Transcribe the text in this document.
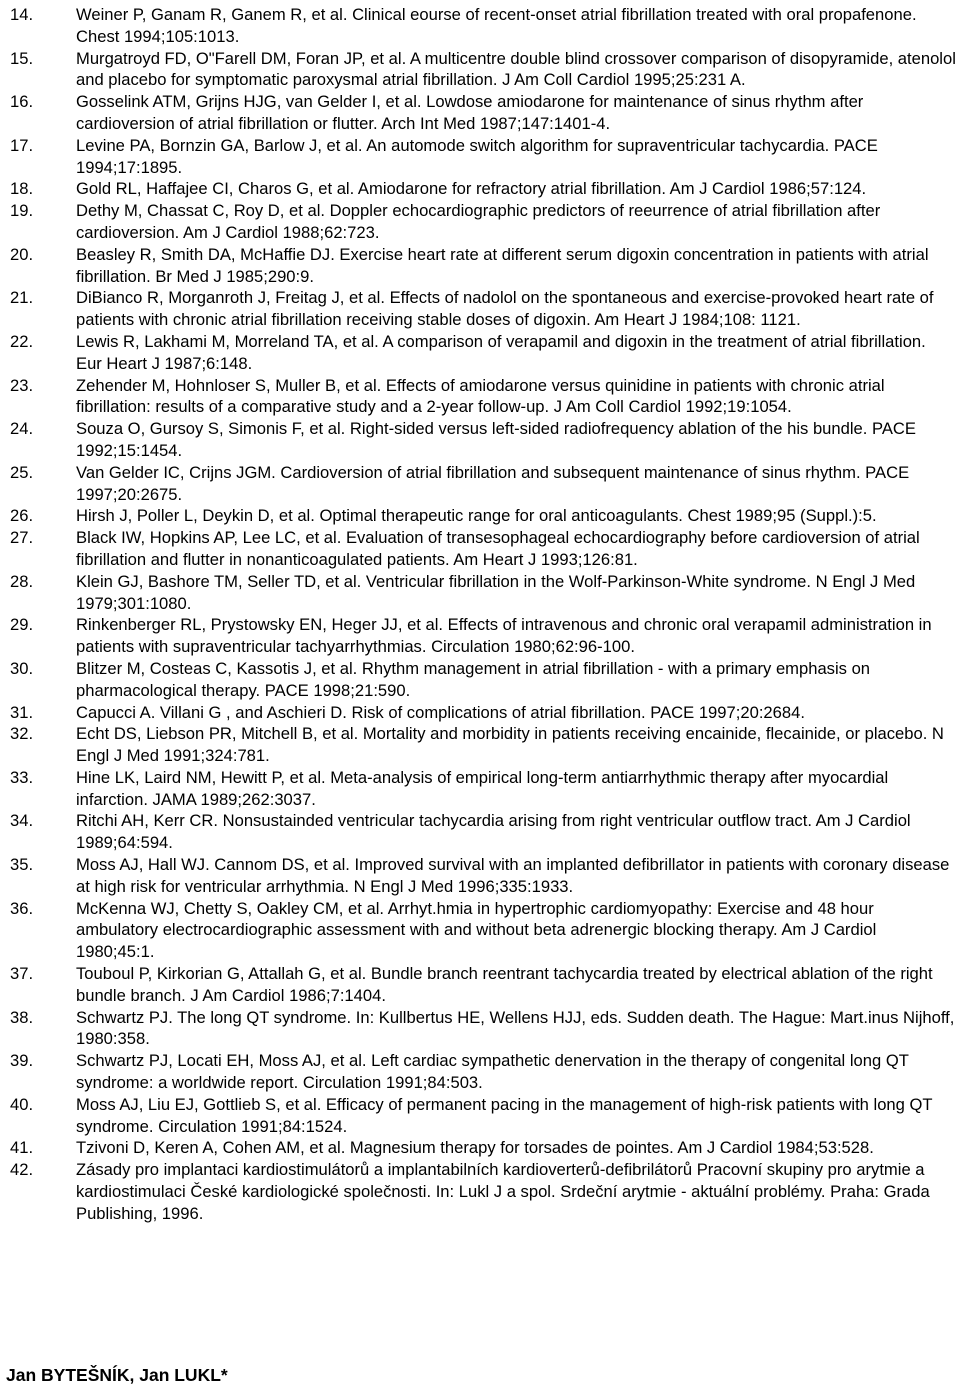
14.	Weiner P, Ganam R, Ganem R, et al. Clinical eourse of recent-onset atrial fibrillation treated with oral propafenone. Chest 1994;105:1013.
15.	Murgatroyd FD, O"Farell DM, Foran JP, et al. A multicentre double blind crossover comparison of disopyramide, atenolol and placebo for symptomatic paroxysmal atrial fibrillation. J Am Coll Cardiol 1995;25:231 A.
16.	Gosselink ATM, Grijns HJG, van Gelder I, et al. Lowdose amiodarone for maintenance of sinus rhythm after cardioversion of atrial fibrillation or flutter. Arch Int Med 1987;147:1401-4.
17.	Levine PA, Bornzin GA, Barlow J, et al. An automode switch algorithm for supraventricular tachycardia. PACE 1994;17:1895.
18.	Gold RL, Haffajee CI, Charos G, et al. Amiodarone for refractory atrial fibrillation. Am J Cardiol 1986;57:124.
19.	Dethy M, Chassat C, Roy D, et al. Doppler echocardiographic predictors of reeurrence of atrial fibrillation after cardioversion. Am J Cardiol 1988;62:723.
20.	Beasley R, Smith DA, McHaffie DJ. Exercise heart rate at different serum digoxin concentration in patients with atrial fibrillation. Br Med J 1985;290:9.
21.	DiBianco R, Morganroth J, Freitag J, et al. Effects of nadolol on the spontaneous and exercise-provoked heart rate of patients with chronic atrial fibrillation receiving stable doses of digoxin. Am Heart J 1984;108: 1121.
22.	Lewis R, Lakhami M, Morreland TA, et al. A comparison of verapamil and digoxin in the treatment of atrial fibrillation. Eur Heart J 1987;6:148.
23.	Zehender M, Hohnloser S, Muller B, et al. Effects of amiodarone versus quinidine in patients with chronic atrial fibrillation: results of a comparative study and a 2-year follow-up. J Am Coll Cardiol 1992;19:1054.
24.	Souza O, Gursoy S, Simonis F, et al. Right-sided versus left-sided radiofrequency ablation of the his bundle. PACE 1992;15:1454.
25.	Van Gelder IC, Crijns JGM. Cardioversion of atrial fibrillation and subsequent maintenance of sinus rhythm. PACE 1997;20:2675.
26.	Hirsh J, Poller L, Deykin D, et al. Optimal therapeutic range for oral anticoagulants. Chest 1989;95 (Suppl.):5.
27.	Black IW, Hopkins AP, Lee LC, et al. Evaluation of transesophageal echocardiography before cardioversion of atrial fibrillation and flutter in nonanticoagulated patients. Am Heart J 1993;126:81.
28.	Klein GJ, Bashore TM, Seller TD, et al. Ventricular fibrillation in the Wolf-Parkinson-White syndrome. N Engl J Med 1979;301:1080.
29.	Rinkenberger RL, Prystowsky EN, Heger JJ, et al. Effects of intravenous and chronic oral verapamil administration in patients with supraventricular tachyarrhythmias. Circulation 1980;62:96-100.
30.	Blitzer M, Costeas C, Kassotis J, et al. Rhythm management in atrial fibrillation - with a primary emphasis on pharmacological therapy. PACE 1998;21:590.
31.	Capucci A. Villani G , and Aschieri D. Risk of complications of atrial fibrillation. PACE 1997;20:2684.
32.	Echt DS, Liebson PR, Mitchell B, et al. Mortality and morbidity in patients receiving encainide, flecainide, or placebo. N Engl J Med 1991;324:781.
33.	Hine LK, Laird NM, Hewitt P, et al. Meta-analysis of empirical long-term antiarrhythmic therapy after myocardial infarction. JAMA 1989;262:3037.
34.	Ritchi AH, Kerr CR. Nonsustainded ventricular tachycardia arising from right ventricular outflow tract. Am J Cardiol 1989;64:594.
35.	Moss AJ, Hall WJ. Cannom DS, et al. Improved survival with an implanted defibrillator in patients with coronary disease at high risk for ventricular arrhythmia. N Engl J Med 1996;335:1933.
36.	McKenna WJ, Chetty S, Oakley CM, et al. Arrhyt.hmia in hypertrophic cardiomyopathy: Exercise and 48 hour ambulatory electrocardiographic assessment with and without beta adrenergic blocking therapy. Am J Cardiol 1980;45:1.
37.	Touboul P, Kirkorian G, Attallah G, et al. Bundle branch reentrant tachycardia treated by electrical ablation of the right bundle branch. J Am Cardiol 1986;7:1404.
38.	Schwartz PJ. The long QT syndrome. In: Kullbertus HE, Wellens HJJ, eds. Sudden death. The Hague: Mart.inus Nijhoff, 1980:358.
39.	Schwartz PJ, Locati EH, Moss AJ, et al. Left cardiac sympathetic denervation in the therapy of congenital long QT syndrome: a worldwide report. Circulation 1991;84:503.
40.	Moss AJ, Liu EJ, Gottlieb S, et al. Efficacy of permanent pacing in the management of high-risk patients with long QT syndrome. Circulation 1991;84:1524.
41.	Tzivoni D, Keren A, Cohen AM, et al. Magnesium therapy for torsades de pointes. Am J Cardiol 1984;53:528.
42.	Zásady pro implantaci kardiostimulátorů a implantabilních kardioverterů-defibrilátorů Pracovní skupiny pro arytmie a kardiostimulaci České kardiologické společnosti. In: Lukl J a spol. Srdeční arytmie - aktuální problémy. Praha: Grada Publishing, 1996.
Jan BYTEŠNÍK, Jan LUKL*
